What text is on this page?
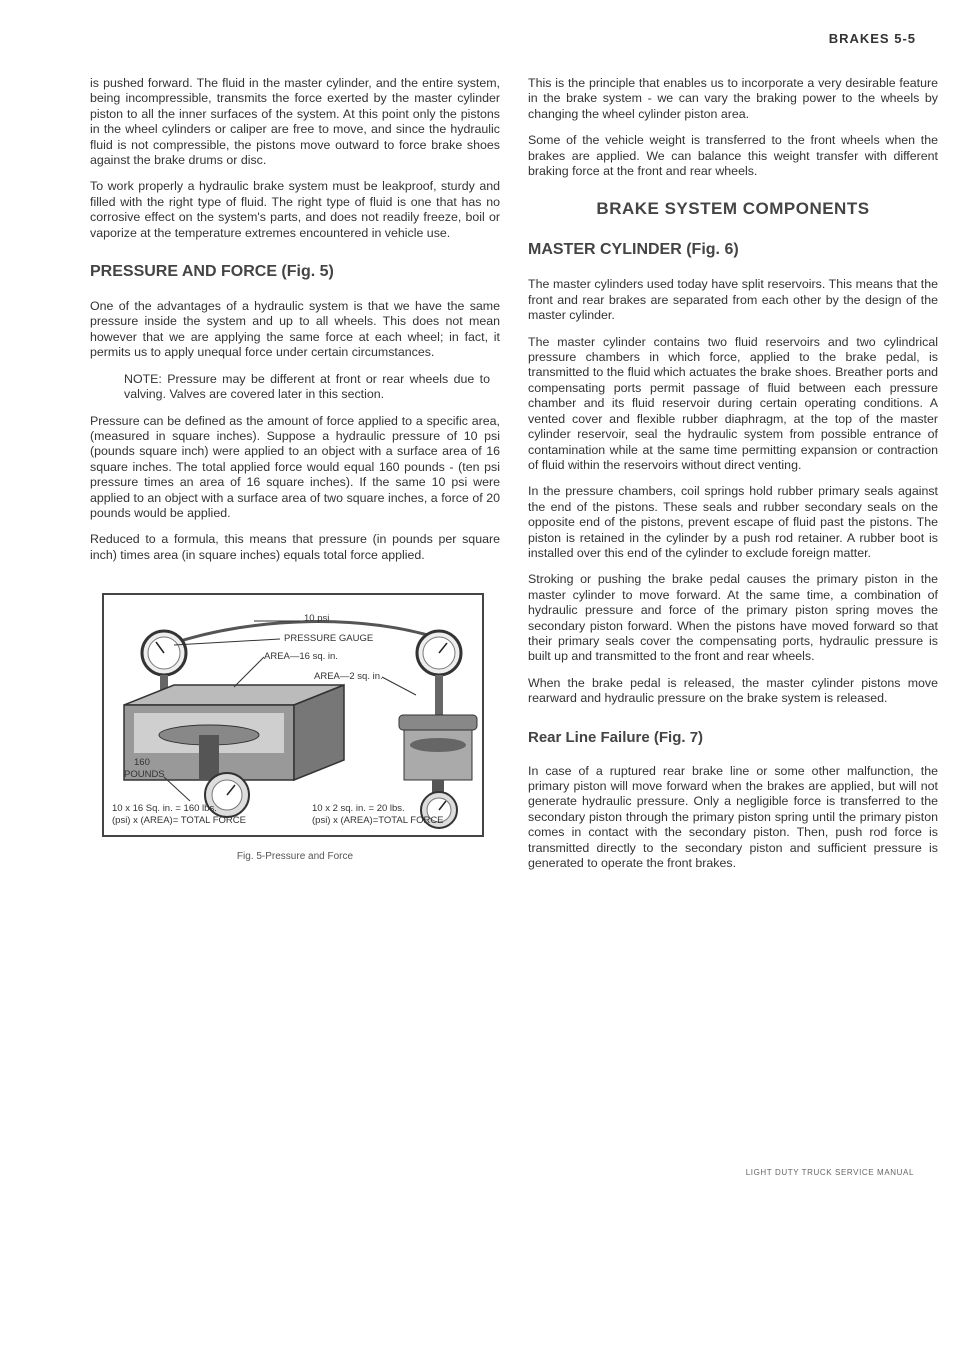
BRAKES 5-5

is pushed forward. The fluid in the master cylinder, and the entire system, being incompressible, transmits the force exerted by the master cylinder piston to all the inner surfaces of the system. At this point only the pistons in the wheel cylinders or caliper are free to move, and since the hydraulic fluid is not compressible, the pistons move outward to force brake shoes against the brake drums or disc.

To work properly a hydraulic brake system must be leakproof, sturdy and filled with the right type of fluid. The right type of fluid is one that has no corrosive effect on the system's parts, and does not readily freeze, boil or vaporize at the temperature extremes encountered in vehicle use.

PRESSURE AND FORCE (Fig. 5)

One of the advantages of a hydraulic system is that we have the same pressure inside the system and up to all wheels. This does not mean however that we are applying the same force at each wheel; in fact, it permits us to apply unequal force under certain circumstances.

NOTE: Pressure may be different at front or rear wheels due to valving. Valves are covered later in this section.

Pressure can be defined as the amount of force applied to a specific area, (measured in square inches). Suppose a hydraulic pressure of 10 psi (pounds square inch) were applied to an object with a surface area of 16 square inches. The total applied force would equal 160 pounds - (ten psi pressure times an area of 16 square inches). If the same 10 psi were applied to an object with a surface area of two square inches, a force of 20 pounds would be applied.

Reduced to a formula, this means that pressure (in pounds per square inch) times area (in square inches) equals total force applied.

10 psi
PRESSURE GAUGE
AREA—16 sq. in.
AREA—2 sq. in.
160
POUNDS
10 x 16 Sq. in. = 160 lbs.
(psi) x (AREA)= TOTAL FORCE
10 x 2 sq. in. = 20 lbs.
(psi) x (AREA)=TOTAL FORCE
Fig. 5-Pressure and Force

This is the principle that enables us to incorporate a very desirable feature in the brake system - we can vary the braking power to the wheels by changing the wheel cylinder piston area.

Some of the vehicle weight is transferred to the front wheels when the brakes are applied. We can balance this weight transfer with different braking force at the front and rear wheels.

BRAKE SYSTEM COMPONENTS
MASTER CYLINDER (Fig. 6)

The master cylinders used today have split reservoirs. This means that the front and rear brakes are separated from each other by the design of the master cylinder.

The master cylinder contains two fluid reservoirs and two cylindrical pressure chambers in which force, applied to the brake pedal, is transmitted to the fluid which actuates the brake shoes. Breather ports and compensating ports permit passage of fluid between each pressure chamber and its fluid reservoir during certain operating conditions. A vented cover and flexible rubber diaphragm, at the top of the master cylinder reservoir, seal the hydraulic system from possible entrance of contamination while at the same time permitting expansion or contraction of fluid within the reservoirs without direct venting.

In the pressure chambers, coil springs hold rubber primary seals against the end of the pistons. These seals and rubber secondary seals on the opposite end of the pistons, prevent escape of fluid past the pistons. The piston is retained in the cylinder by a push rod retainer. A rubber boot is installed over this end of the cylinder to exclude foreign matter.

Stroking or pushing the brake pedal causes the primary piston in the master cylinder to move forward. At the same time, a combination of hydraulic pressure and force of the primary piston spring moves the secondary piston forward. When the pistons have moved forward so that their primary seals cover the compensating ports, hydraulic pressure is built up and transmitted to the front and rear wheels.

When the brake pedal is released, the master cylinder pistons move rearward and hydraulic pressure on the brake system is released.

Rear Line Failure (Fig. 7)

In case of a ruptured rear brake line or some other malfunction, the primary piston will move forward when the brakes are applied, but will not generate hydraulic pressure. Only a negligible force is transferred to the secondary piston through the primary piston spring until the primary piston comes in contact with the secondary piston. Then, push rod force is transmitted directly to the secondary piston and sufficient pressure is generated to operate the front brakes.

LIGHT DUTY TRUCK SERVICE MANUAL
